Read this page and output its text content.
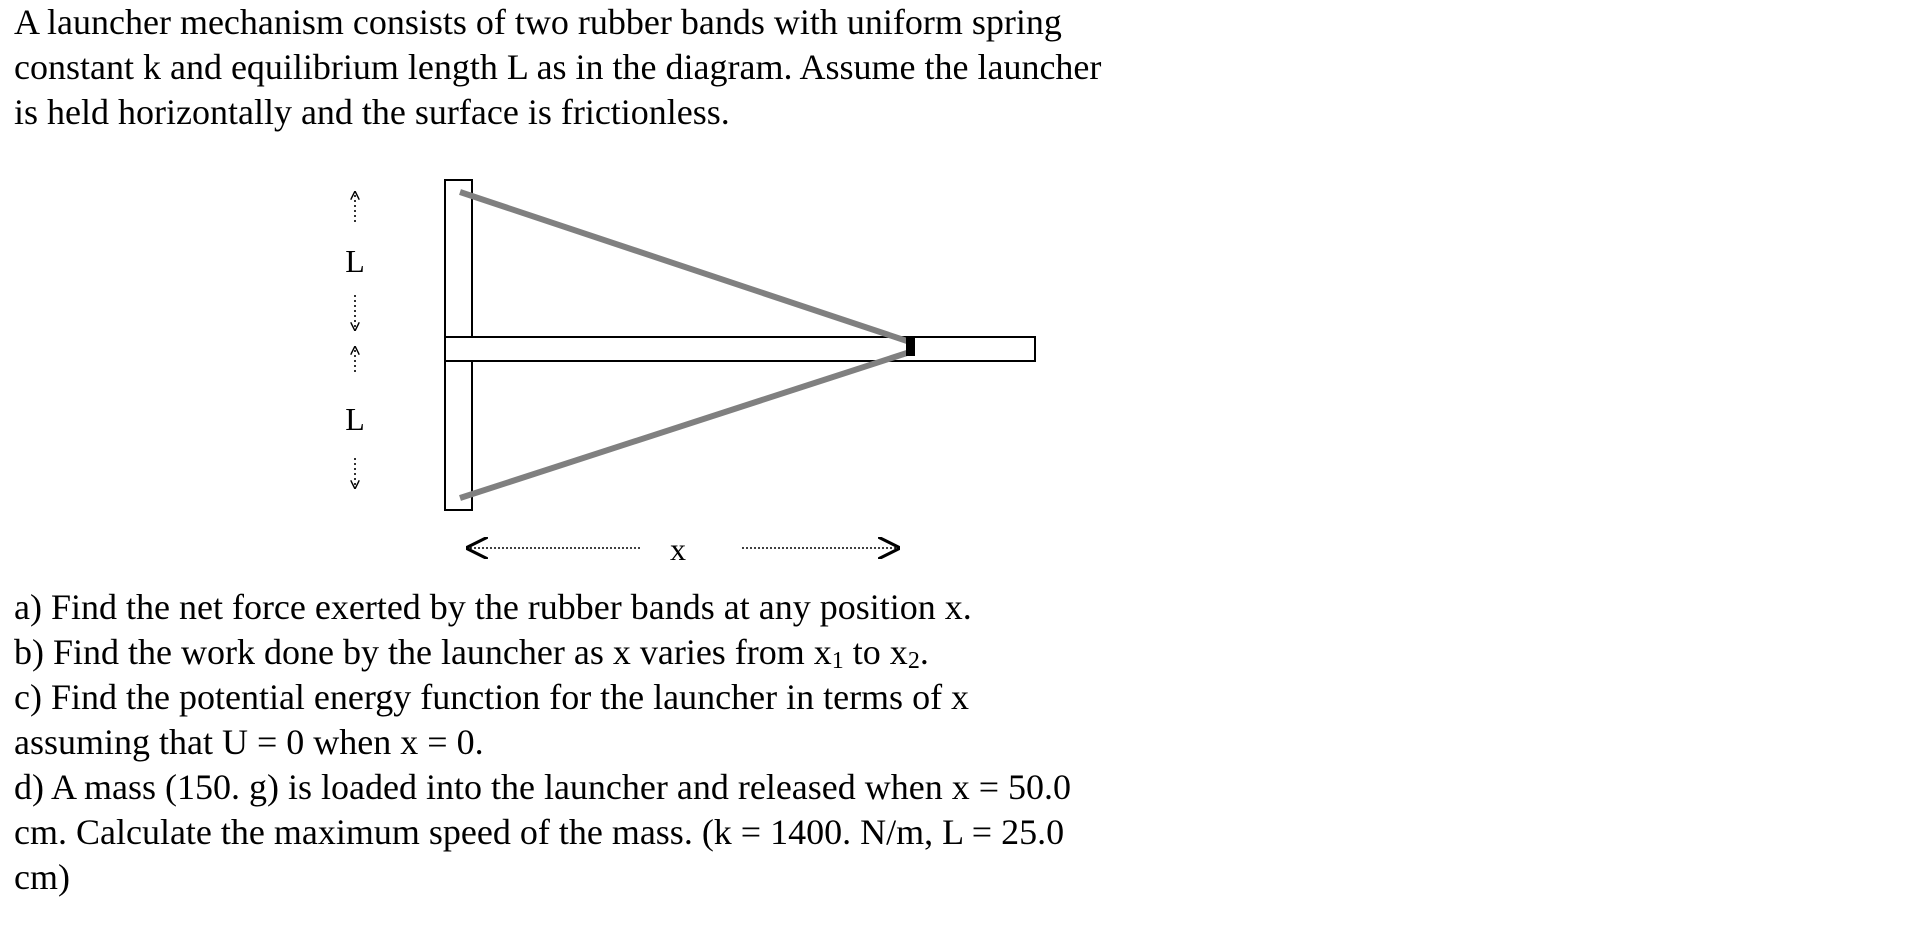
A launcher mechanism consists of two rubber bands with uniform spring
constant k and equilibrium length L as in the diagram. Assume the launcher
is held horizontally and the surface is frictionless.
L
L
x
a) Find the net force exerted by the rubber bands at any position x.
b) Find the work done by the launcher as x varies from $x_1$ to $x_2$.
c) Find the potential energy function for the launcher in terms of x
assuming that U = 0 when x = 0.
d) A mass (150. g) is loaded into the launcher and released when x = 50.0
cm. Calculate the maximum speed of the mass. (k = 1400. N/m, L = 25.0
cm)
